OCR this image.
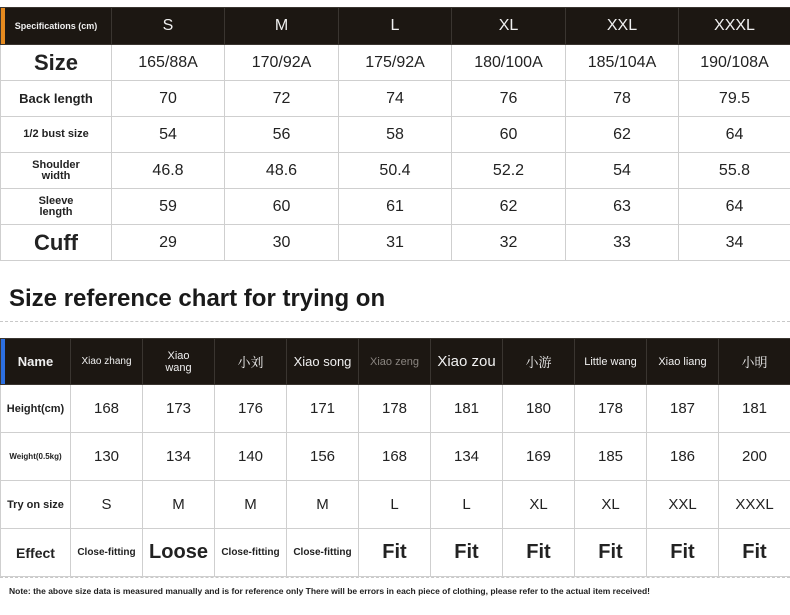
Specifications (cm)	S	M	L	XL	XXL	XXXL
Size	165/88A	170/92A	175/92A	180/100A	185/104A	190/108A
Back length	70	72	74	76	78	79.5
1/2 bust size	54	56	58	60	62	64
Shoulder width	46.8	48.6	50.4	52.2	54	55.8
Sleeve length	59	60	61	62	63	64
Cuff	29	30	31	32	33	34
Size reference chart for trying on
Name	Xiao zhang	Xiao wang	小刘	Xiao song	Xiao zeng	Xiao zou	小游	Little wang	Xiao liang	小明
Height(cm)	168	173	176	171	178	181	180	178	187	181
Weight(0.5kg)	130	134	140	156	168	134	169	185	186	200
Try on size	S	M	M	M	L	L	XL	XL	XXL	XXXL
Effect	Close-fitting	Loose	Close-fitting	Close-fitting	Fit	Fit	Fit	Fit	Fit	Fit
Note: the above size data is measured manually and is for reference only There will be errors in each piece of clothing, please refer to the actual item received!
